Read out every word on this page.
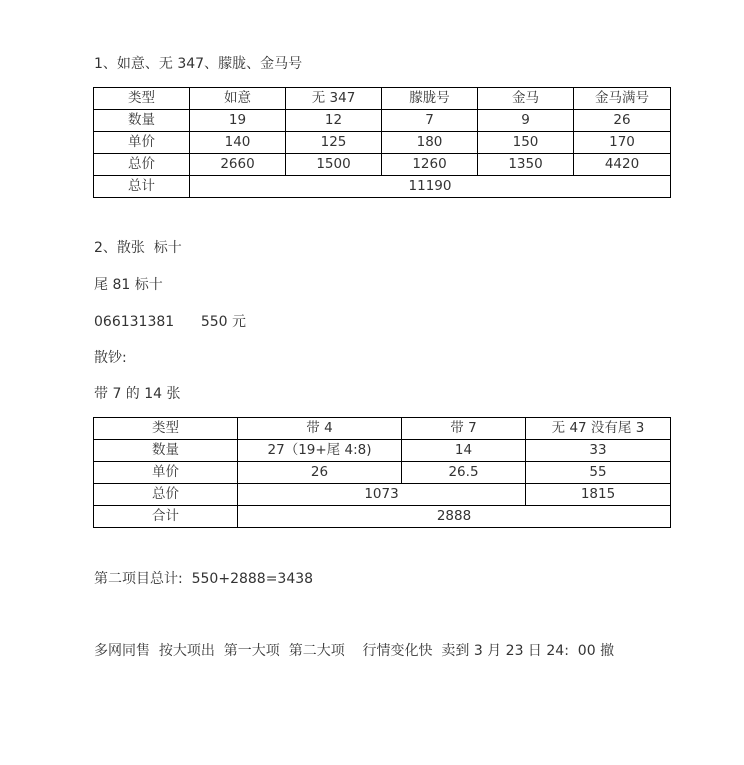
1、如意、无 347、朦胧、金马号
类型	如意	无 347	朦胧号	金马	金马满号
数量	19	12	7	9	26
单价	140	125	180	150	170
总价	2660	1500	1260	1350	4420
总计	11190				
2、散张  标十
尾 81 标十
066131381      550 元
散钞:
带 7 的 14 张
类型	带 4	带 7	无 47 没有尾 3
数量	27（19+尾 4:8)	14	33
单价	26	26.5	55
总价	1073		1815
合计	2888		
第二项目总计:  550+2888=3438
多网同售  按大项出  第一大项  第二大项    行情变化快  卖到 3 月 23 日 24:  00 撤
